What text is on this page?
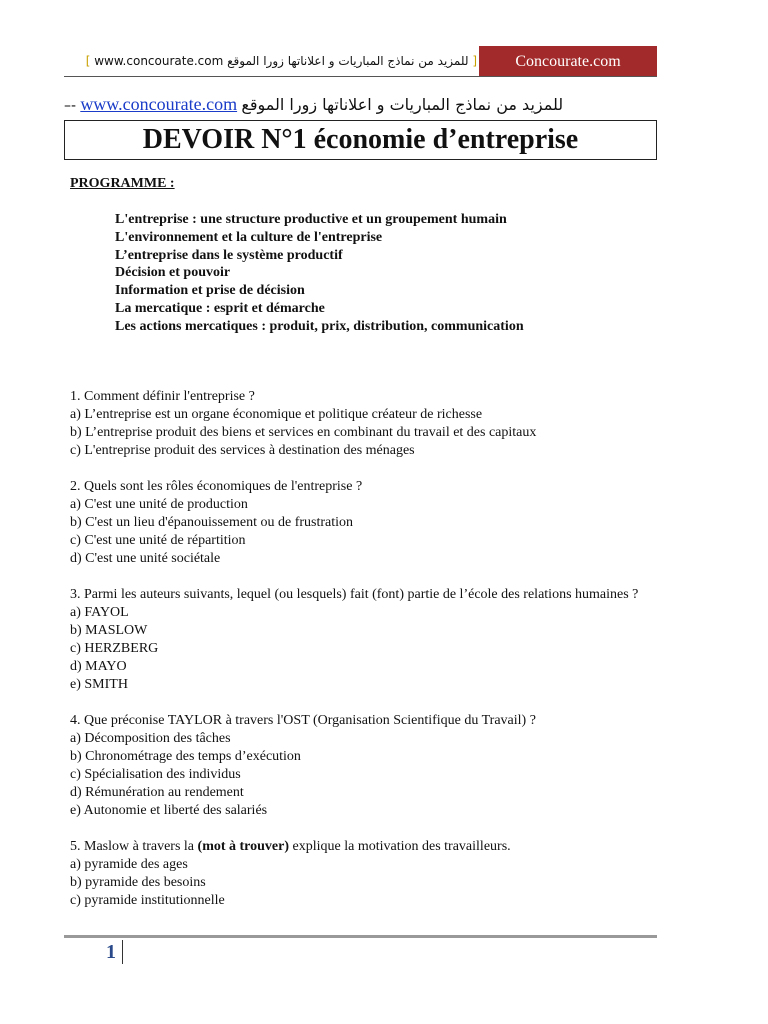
[ www.concourate.com للمزيد من نماذج المباريات و اعلاناتها زورا الموقع ] Concourate.com
–- www.concourate.com للمزيد من نماذج المباريات و اعلاناتها زورا الموقع
DEVOIR N°1 économie d’entreprise
PROGRAMME :
L'entreprise : une structure productive et un groupement humain
L'environnement et la culture de l'entreprise
L’entreprise dans le système productif
Décision et pouvoir
Information et prise de décision
La mercatique : esprit et démarche
Les actions mercatiques : produit, prix, distribution, communication
1. Comment définir l'entreprise ?
a) L’entreprise est un organe économique et politique créateur de richesse
b) L’entreprise produit des biens et services en combinant du travail et des capitaux
c) L'entreprise produit des services à destination des ménages
2. Quels sont les rôles économiques de l'entreprise ?
a) C'est une unité de production
b) C'est un lieu d'épanouissement ou de frustration
c) C'est une unité de répartition
d) C'est une unité sociétale
3. Parmi les auteurs suivants, lequel (ou lesquels) fait (font) partie de l’école des relations humaines ?
a) FAYOL
b) MASLOW
c) HERZBERG
d) MAYO
e) SMITH
4. Que préconise TAYLOR à travers l'OST (Organisation Scientifique du Travail) ?
a) Décomposition des tâches
b) Chronométrage des temps d’exécution
c) Spécialisation des individus
d) Rémunération au rendement
e) Autonomie et liberté des salariés
5. Maslow à travers la (mot à trouver) explique la motivation des travailleurs.
a) pyramide des ages
b) pyramide des besoins
c) pyramide institutionnelle
1
